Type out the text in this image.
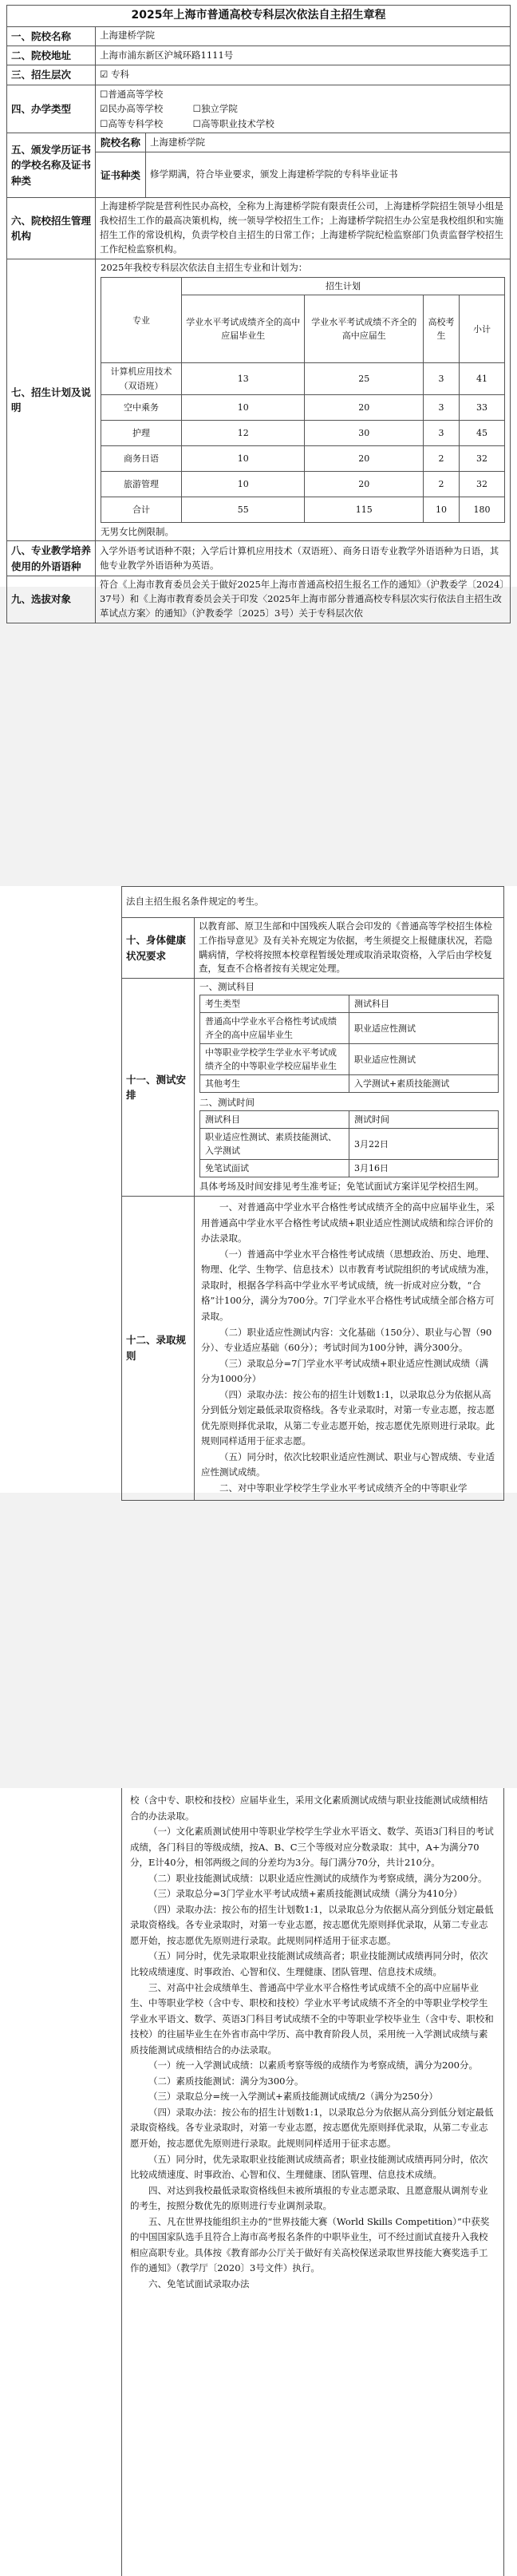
2025年上海市普通高校专科层次依法自主招生章程
一、院校名称	上海建桥学院
二、院校地址	上海市浦东新区沪城环路1111号
三、招生层次	☑ 专科
四、办学类型	
☐普通高等学校
☑民办高等学校	☐独立学院
☐高等专科学校	☐高等职业技术学校

五、颁发学历证书的学校名称及证书种类	院校名称	上海建桥学院
证书种类	修学期满，符合毕业要求，颁发上海建桥学院的专科毕业证书
六、院校招生管理机构	上海建桥学院是营利性民办高校，全称为上海建桥学院有限责任公司，上海建桥学院招生领导小组是我校招生工作的最高决策机构，统一领导学校招生工作；上海建桥学院招生办公室是我校组织和实施招生工作的常设机构，负责学校自主招生的日常工作；上海建桥学院纪检监察部门负责监督学校招生工作纪检监察机构。
七、招生计划及说明	
2025年我校专科层次依法自主招生专业和计划为：
专业	招生计划
学业水平考试成绩齐全的高中应届毕业生	学业水平考试成绩不齐全的高中应届生	高校考生	小计
计算机应用技术（双语班）	13	25	3	41
空中乘务	10	20	3	33
护理	12	30	3	45
商务日语	10	20	2	32
旅游管理	10	20	2	32
合计	55	115	10	180
无男女比例限制。

八、专业教学培养使用的外语语种	入学外语考试语种不限；入学后计算机应用技术（双语班）、商务日语专业教学外语语种为日语，其他专业教学外语语种为英语。
九、选拔对象	符合《上海市教育委员会关于做好2025年上海市普通高校招生报名工作的通知》（沪教委学〔2024〕37号）和《上海市教育委员会关于印发〈2025年上海市部分普通高校专科层次实行依法自主招生改革试点方案〉的通知》（沪教委学〔2025〕3号）关于专科层次依
法自主招生报名条件规定的考生。
十、身体健康状况要求	以教育部、原卫生部和中国残疾人联合会印发的《普通高等学校招生体检工作指导意见》及有关补充规定为依据，考生须提交上报健康状况，若隐瞒病情，学校将按照本校章程暂缓处理或取消录取资格，入学后由学校复查，复查不合格者按有关规定处理。
十一、测试安排	
一、测试科目
考生类型	测试科目
普通高中学业水平合格性考试成绩齐全的高中应届毕业生	职业适应性测试
中等职业学校学生学业水平考试成绩齐全的中等职业学校应届毕业生	职业适应性测试
其他考生	入学测试+素质技能测试
二、测试时间
测试科目	测试时间
职业适应性测试、素质技能测试、入学测试	3月22日
免笔试面试	3月16日
具体考场及时间安排见考生准考证；免笔试面试方案详见学校招生网。

十二、录取规则	

一、对普通高中学业水平合格性考试成绩齐全的高中应届毕业生，采用普通高中学业水平合格性考试成绩+职业适应性测试成绩和综合评价的办法录取。

（一）普通高中学业水平合格性考试成绩（思想政治、历史、地理、物理、化学、生物学、信息技术）以市教育考试院组织的考试成绩为准，录取时，根据各学科高中学业水平考试成绩，统一折成对应分数，“合格”计100分，满分为700分。7门学业水平合格性考试成绩全部合格方可录取。

（二）职业适应性测试内容：文化基础（150分）、职业与心智（90分）、专业适应基础（60分）；考试时间为100分钟，满分300分。

（三）录取总分=7门学业水平考试成绩+职业适应性测试成绩（满分为1000分）

（四）录取办法：按公布的招生计划数1:1，以录取总分为依据从高分到低分划定最低录取资格线。各专业录取时，对第一专业志愿，按志愿优先原则择优录取，从第二专业志愿开始，按志愿优先原则进行录取。此规则同样适用于征求志愿。

（五）同分时，依次比较职业适应性测试、职业与心智成绩、专业适应性测试成绩。

二、对中等职业学校学生学业水平考试成绩齐全的中等职业学

校（含中专、职校和技校）应届毕业生，采用文化素质测试成绩与职业技能测试成绩相结合的办法录取。

（一）文化素质测试使用中等职业学校学生学业水平语文、数学、英语3门科目的考试成绩，各门科目的等级成绩，按A、B、C三个等级对应分数录取：其中，A+为满分70分，E计40分，相邻两级之间的分差均为3分。每门满分70分，共计210分。

（二）职业技能测试成绩：以职业适应性测试的成绩作为考察成绩，满分为200分。

（三）录取总分=3门学业水平考试成绩+素质技能测试成绩（满分为410分）

（四）录取办法：按公布的招生计划数1:1，以录取总分为依据从高分到低分划定最低录取资格线。各专业录取时，对第一专业志愿，按志愿优先原则择优录取，从第二专业志愿开始，按志愿优先原则进行录取。此规则同样适用于征求志愿。

（五）同分时，优先录取职业技能测试成绩高者；职业技能测试成绩再同分时，依次比较成绩速度、时事政治、心智和仪、生理健康、团队管理、信息技术成绩。

三、对高中社会成绩单生、普通高中学业水平合格性考试成绩不全的高中应届毕业生、中等职业学校（含中专、职校和技校）学业水平考试成绩不齐全的中等职业学校学生学业水平语文、数学、英语3门科目考试成绩不全的中等职业学校毕业生（含中专、职校和技校）的往届毕业生在外省市高中学历、高中教育阶段人员，采用统一入学测试成绩与素质技能测试成绩相结合的办法录取。

（一）统一入学测试成绩：以素质考察等级的成绩作为考察成绩，满分为200分。

（二）素质技能测试：满分为300分。

（三）录取总分=统一入学测试+素质技能测试成绩/2（满分为250分）

（四）录取办法：按公布的招生计划数1:1，以录取总分为依据从高分到低分划定最低录取资格线。各专业录取时，对第一专业志愿，按志愿优先原则择优录取，从第二专业志愿开始，按志愿优先原则进行录取。此规则同样适用于征求志愿。

（五）同分时，优先录取职业技能测试成绩高者；职业技能测试成绩再同分时，依次比较成绩速度、时事政治、心智和仪、生理健康、团队管理、信息技术成绩。

四、对达到我校最低录取资格线但未被所填报的专业志愿录取、且愿意服从调剂专业的考生，按照分数优先的原则进行专业调剂录取。

五、凡在世界技能组织主办的“世界技能大赛（World Skills Competition）”中获奖的中国国家队选手且符合上海市高考报名条件的中职毕业生，可不经过面试直接升入我校相应高职专业。具体按《教育部办公厅关于做好有关高校保送录取世界技能大赛奖选手工作的通知》（教学厅〔2020〕3号文件）执行。

六、免笔试面试录取办法
